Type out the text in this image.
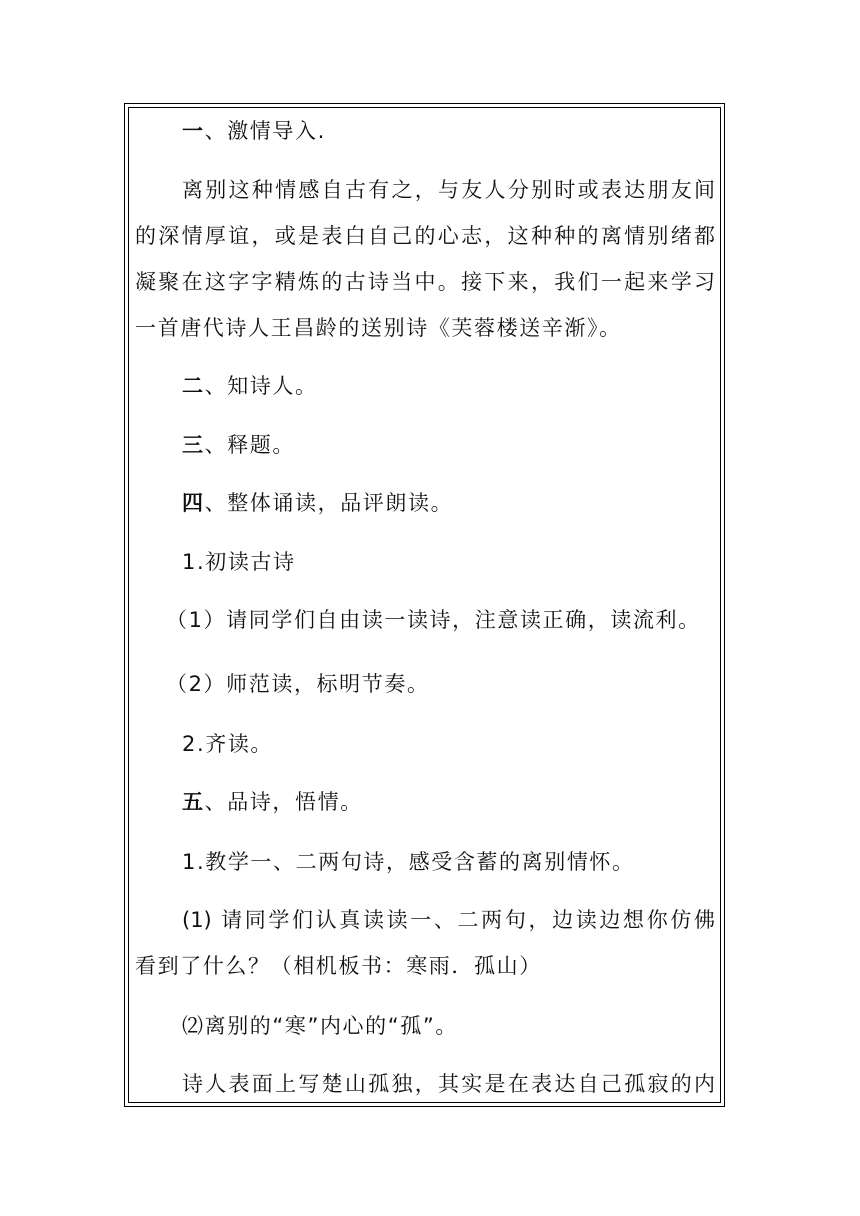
一、激情导入.
离别这种情感自古有之，与友人分别时或表达朋友间
的深情厚谊，或是表白自己的心志，这种种的离情别绪都
凝聚在这字字精炼的古诗当中。接下来，我们一起来学习
一首唐代诗人王昌龄的送别诗《芙蓉楼送辛渐》。
二、知诗人。
三、释题。
四、整体诵读，品评朗读。
1.初读古诗
（1）请同学们自由读一读诗，注意读正确，读流利。
（2）师范读，标明节奏。
2.齐读。
五、品诗，悟情。
1.教学一、二两句诗，感受含蓄的离别情怀。
(1) 请同学们认真读读一、二两句，边读边想你仿佛
看到了什么？（相机板书：寒雨．孤山）
⑵离别的“寒”内心的“孤”。
诗人表面上写楚山孤独，其实是在表达自己孤寂的内
